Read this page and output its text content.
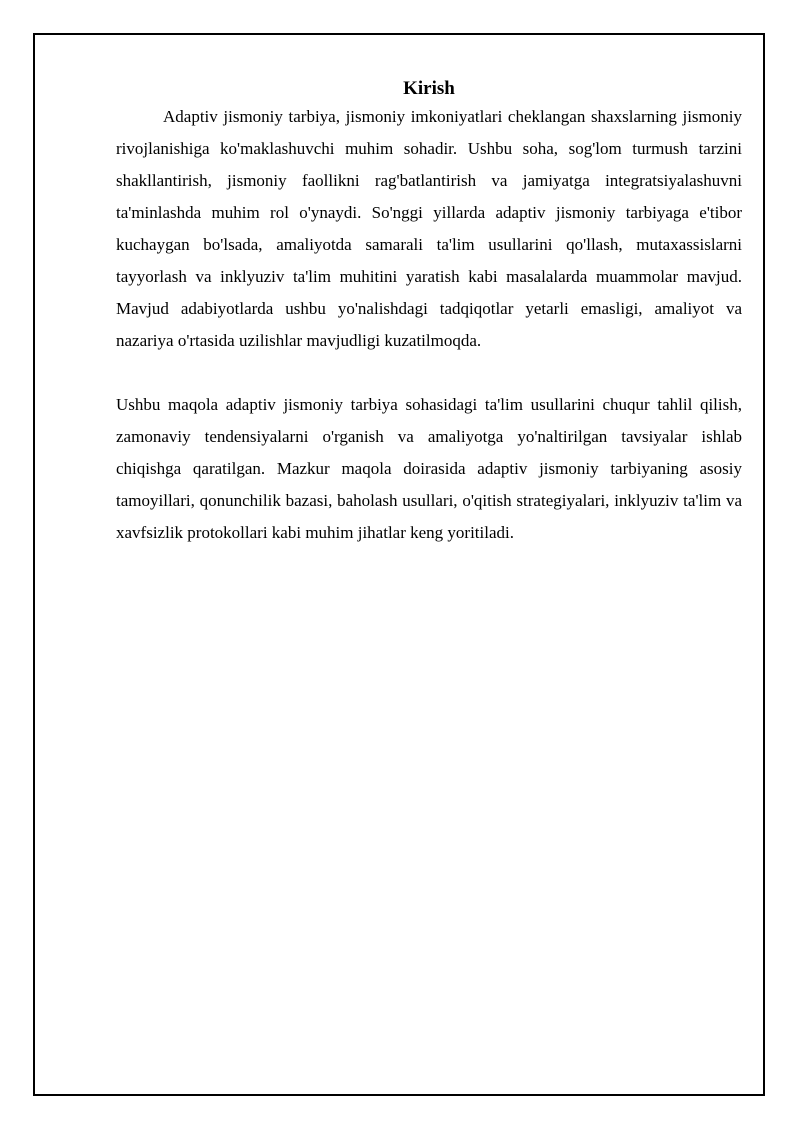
Kirish

Adaptiv jismoniy tarbiya, jismoniy imkoniyatlari cheklangan shaxslarning jismoniy rivojlanishiga ko'maklashuvchi muhim sohadir. Ushbu soha, sog'lom turmush tarzini shakllantirish, jismoniy faollikni rag'batlantirish va jamiyatga integratsiyalashuvni ta'minlashda muhim rol o'ynaydi. So'nggi yillarda adaptiv jismoniy tarbiyaga e'tibor kuchaygan bo'lsada, amaliyotda samarali ta'lim usullarini qo'llash, mutaxassislarni tayyorlash va inklyuziv ta'lim muhitini yaratish kabi masalalarda muammolar mavjud. Mavjud adabiyotlarda ushbu yo'nalishdagi tadqiqotlar yetarli emasligi, amaliyot va nazariya o'rtasida uzilishlar mavjudligi kuzatilmoqda.

Ushbu maqola adaptiv jismoniy tarbiya sohasidagi ta'lim usullarini chuqur tahlil qilish, zamonaviy tendensiyalarni o'rganish va amaliyotga yo'naltirilgan tavsiyalar ishlab chiqishga qaratilgan. Mazkur maqola doirasida adaptiv jismoniy tarbiyaning asosiy tamoyillari, qonunchilik bazasi, baholash usullari, o'qitish strategiyalari, inklyuziv ta'lim va xavfsizlik protokollari kabi muhim jihatlar keng yoritiladi.
